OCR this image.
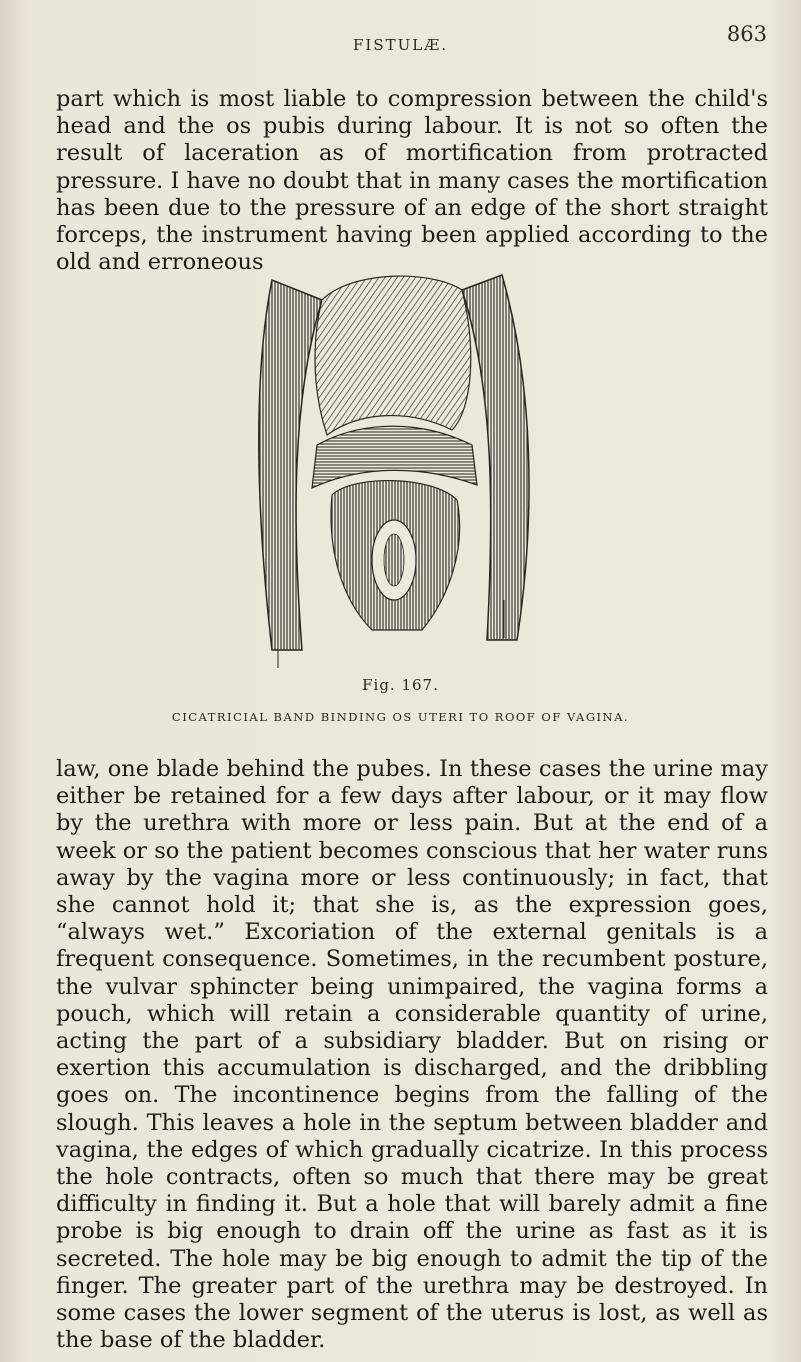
FISTULÆ.	863

part which is most liable to compression between the child's head and the os pubis during labour. It is not so often the result of laceration as of mortification from protracted pressure. I have no doubt that in many cases the mortification has been due to the pressure of an edge of the short straight forceps, the instrument having been applied according to the old and erroneous

Fig. 167.
CICATRICIAL BAND BINDING OS UTERI TO ROOF OF VAGINA.

law, one blade behind the pubes. In these cases the urine may either be retained for a few days after labour, or it may flow by the urethra with more or less pain. But at the end of a week or so the patient becomes conscious that her water runs away by the vagina more or less continuously; in fact, that she cannot hold it; that she is, as the expression goes, “always wet.” Excoriation of the external genitals is a frequent consequence. Sometimes, in the recumbent posture, the vulvar sphincter being unimpaired, the vagina forms a pouch, which will retain a considerable quantity of urine, acting the part of a subsidiary bladder. But on rising or exertion this accumulation is discharged, and the dribbling goes on. The incontinence begins from the falling of the slough. This leaves a hole in the septum between bladder and vagina, the edges of which gradually cicatrize. In this process the hole contracts, often so much that there may be great difficulty in finding it. But a hole that will barely admit a fine probe is big enough to drain off the urine as fast as it is secreted. The hole may be big enough to admit the tip of the finger. The greater part of the urethra may be destroyed. In some cases the lower segment of the uterus is lost, as well as the base of the bladder.
